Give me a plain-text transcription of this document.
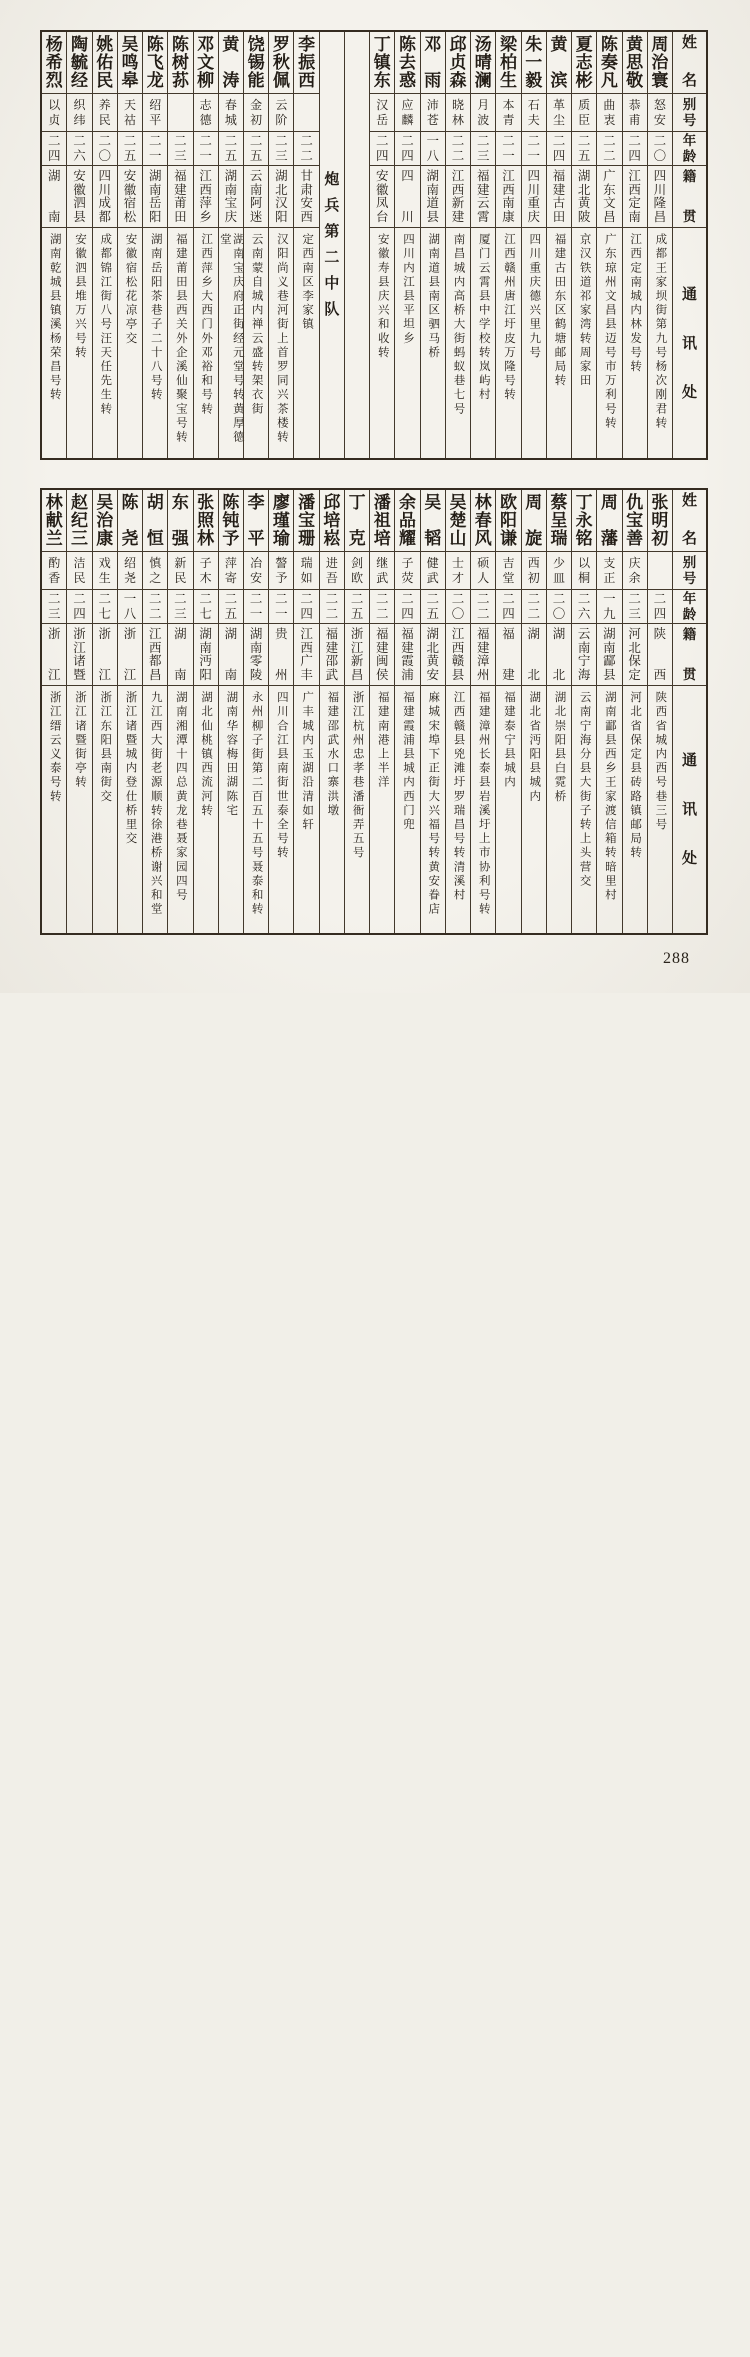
姓
名
别
号
年
龄
籍
贯
通
讯
处
周
治
寰
怒
安
二
〇
四
川
隆
昌
成都王家坝街第九号杨次刚君转
黄
思
敬
恭
甫
二
四
江
西
定
南
江西定南城内林发号转
陈
奏
凡
曲
衷
二
二
广
东
文
昌
广东琼州文昌县迈号市万利号转
夏
志
彬
质
臣
二
五
湖
北
黄
陂
京汉铁道祁家湾转周家田
黄
滨
革
尘
二
四
福
建
古
田
福建古田东区鹤塘邮局转
朱
一
毅
石
夫
二
一
四
川
重
庆
四川重庆德兴里九号
梁
柏
生
本
青
二
一
江
西
南
康
江西赣州唐江圩皮万隆号转
汤
晴
澜
月
波
二
三
福
建
云
霄
厦门云霄县中学校转岚屿村
邱
贞
森
晓
林
二
二
江
西
新
建
南昌城内高桥大街蚂蚁巷七号
邓
雨
沛
苍
一
八
湖
南
道
县
湖南道县南区驷马桥
陈
去
惑
应
麟
二
四
四
川
四川内江县平坦乡
丁
镇
东
汉
岳
二
四
安
徽
凤
台
安徽寿县庆兴和收转
炮
兵
第
二
中
队
李
振
西
二
二
甘
肃
安
西
定西南区李家镇
罗
秋
佩
云
阶
二
三
湖
北
汉
阳
汉阳尚义巷河街上首罗同兴茶楼转
饶
锡
能
金
初
二
五
云
南
阿
迷
云南蒙自城内禅云盛转架衣街
黄
涛
春
城
二
五
湖
南
宝
庆
湖南宝庆府正街经元堂号转黄厚德堂
邓
文
柳
志
德
二
一
江
西
萍
乡
江西萍乡大西门外邓裕和号转
陈
树
荪
二
三
福
建
莆
田
福建莆田县西关外企溪仙聚宝号转
陈
飞
龙
绍
平
二
一
湖
南
岳
阳
湖南岳阳茶巷子二十八号转
吴
鸣
皋
天
祜
二
五
安
徽
宿
松
安徽宿松花凉亭交
姚
佑
民
养
民
二
〇
四
川
成
都
成都锦江街八号汪天任先生转
陶
毓
经
织
纬
二
六
安
徽
泗
县
安徽泗县堆万兴号转
杨
希
烈
以
贞
二
四
湖
南
湖南乾城县镇溪杨荣昌号转
姓
名
别
号
年
龄
籍
贯
通
讯
处
张
明
初
二
四
陕
西
陕西省城内西号巷三号
仇
宝
善
庆
余
二
三
河
北
保
定
河北省保定县砖路镇邮局转
周
藩
支
正
一
九
湖
南
酃
县
湖南酃县西乡王家渡信箱转暗里村
丁
永
铭
以
桐
二
六
云
南
宁
海
云南宁海分县大街子转上头营交
蔡
呈
瑞
少
皿
二
〇
湖
北
湖北崇阳县白霓桥
周
旋
西
初
二
二
湖
北
湖北省沔阳县城内
欧
阳
谦
吉
堂
二
四
福
建
福建泰宁县城内
林
春
风
硕
人
二
二
福
建
漳
州
福建漳州长泰县岩溪圩上市协利号转
吴
楚
山
士
才
二
〇
江
西
赣
县
江西赣县兇滩圩罗瑞昌号转清溪村
吴
韬
健
武
二
五
湖
北
黄
安
麻城宋埠下正街大兴福号转黄安眷店
余
品
耀
子
荧
二
四
福
建
霞
浦
福建霞浦县城内西门兜
潘
祖
培
继
武
二
二
福
建
闽
侯
福建南港上半洋
丁
克
剑
欧
二
五
浙
江
新
昌
浙江杭州忠孝巷潘衙弄五号
邱
培
崧
进
吾
二
二
福
建
邵
武
福建邵武水口寨洪墩
潘
宝
珊
瑞
如
二
四
江
西
广
丰
广丰城内玉湖沿清如轩
廖
瑾
瑜
謷
予
二
一
贵
州
四川合江县南街世泰全号转
李
平
冶
安
二
一
湖
南
零
陵
永州柳子街第二百五十五号聂泰和转
陈
钝
予
萍
寄
二
五
湖
南
湖南华容梅田湖陈宅
张
照
林
子
木
二
七
湖
南
沔
阳
湖北仙桃镇西流河转
东
强
新
民
二
三
湖
南
湖南湘潭十四总黄龙巷聂家园四号
胡
恒
慎
之
二
二
江
西
都
昌
九江西大街老源顺转徐港桥谢兴和堂
陈
尧
绍
尧
一
八
浙
江
浙江诸暨城内登仕桥里交
吴
治
康
戏
生
二
七
浙
江
浙江东阳县南街交
赵
纪
三
洁
民
二
四
浙
江
诸
暨
浙江诸暨街亭转
林
献
兰
酌
香
二
三
浙
江
浙江缙云义泰号转
288
